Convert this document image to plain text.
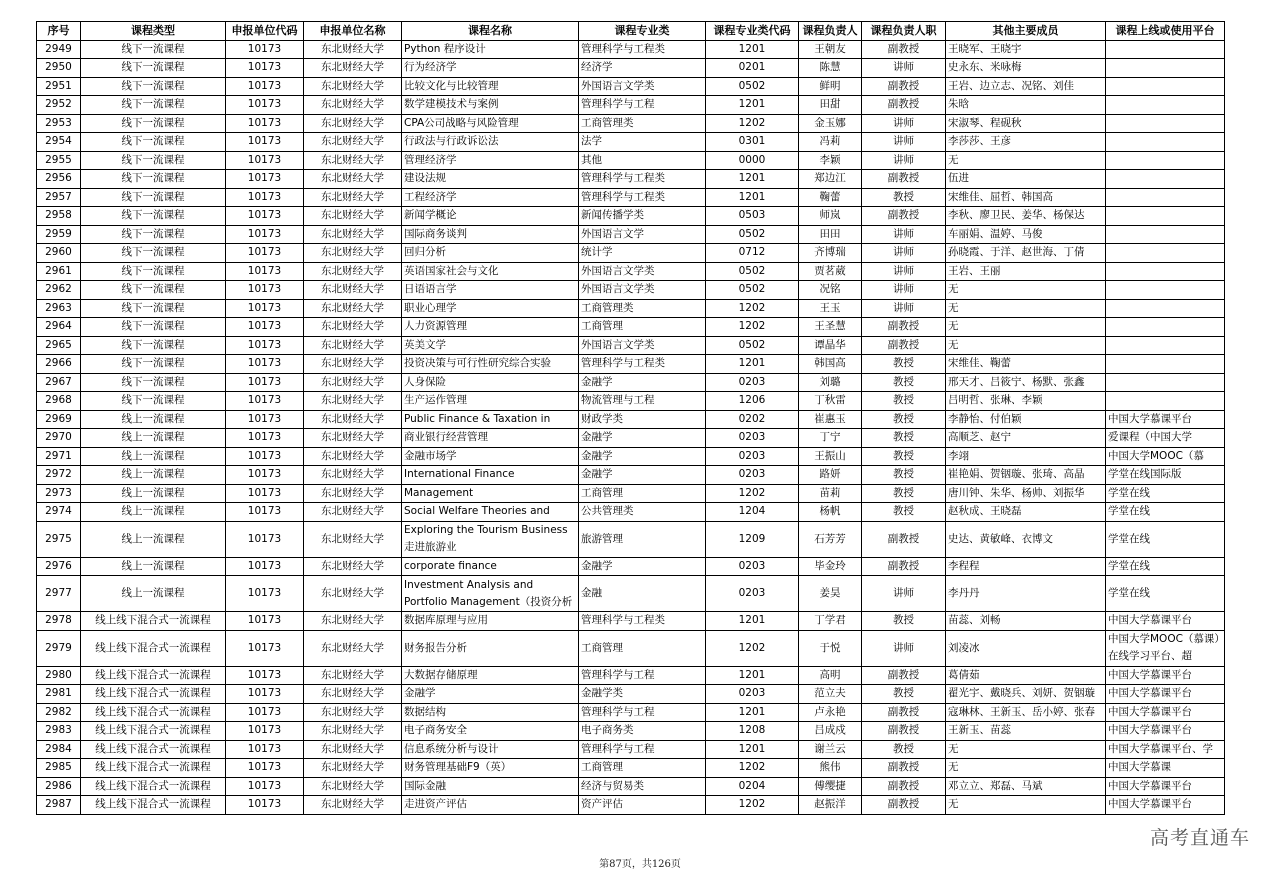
序号	课程类型	申报单位代码	申报单位名称	课程名称	课程专业类	课程专业类代码	课程负责人	课程负责人职	其他主要成员	课程上线或使用平台
2949	线下一流课程	10173	东北财经大学	Python 程序设计	管理科学与工程类	1201	王朝友	副教授	王晓军、王晓宇	
2950	线下一流课程	10173	东北财经大学	行为经济学	经济学	0201	陈慧	讲师	史永东、米咏梅	
2951	线下一流课程	10173	东北财经大学	比较文化与比较管理	外国语言文学类	0502	鲜明	副教授	王岩、边立志、况铭、刘佳	
2952	线下一流课程	10173	东北财经大学	数学建模技术与案例	管理科学与工程	1201	田甜	副教授	朱晗	
2953	线下一流课程	10173	东北财经大学	CPA公司战略与风险管理	工商管理类	1202	金玉娜	讲师	宋淑琴、程砚秋	
2954	线下一流课程	10173	东北财经大学	行政法与行政诉讼法	法学	0301	冯莉	讲师	李莎莎、王彦	
2955	线下一流课程	10173	东北财经大学	管理经济学	其他	0000	李颖	讲师	无	
2956	线下一流课程	10173	东北财经大学	建设法规	管理科学与工程类	1201	郑边江	副教授	伍进	
2957	线下一流课程	10173	东北财经大学	工程经济学	管理科学与工程类	1201	鞠蕾	教授	宋维佳、屈哲、韩国高	
2958	线下一流课程	10173	东北财经大学	新闻学概论	新闻传播学类	0503	师岚	副教授	李秋、廖卫民、姜华、杨保达	
2959	线下一流课程	10173	东北财经大学	国际商务谈判	外国语言文学	0502	田田	讲师	车丽娟、温婷、马俊	
2960	线下一流课程	10173	东北财经大学	回归分析	统计学	0712	齐博瑞	讲师	孙晓霞、于洋、赵世海、丁倩	
2961	线下一流课程	10173	东北财经大学	英语国家社会与文化	外国语言文学类	0502	贾茗葳	讲师	王岩、王丽	
2962	线下一流课程	10173	东北财经大学	日语语言学	外国语言文学类	0502	况铭	讲师	无	
2963	线下一流课程	10173	东北财经大学	职业心理学	工商管理类	1202	王玉	讲师	无	
2964	线下一流课程	10173	东北财经大学	人力资源管理	工商管理	1202	王圣慧	副教授	无	
2965	线下一流课程	10173	东北财经大学	英美文学	外国语言文学类	0502	谭晶华	副教授	无	
2966	线下一流课程	10173	东北财经大学	投资决策与可行性研究综合实验	管理科学与工程类	1201	韩国高	教授	宋维佳、鞠蕾	
2967	线下一流课程	10173	东北财经大学	人身保险	金融学	0203	刘璐	教授	邢天才、吕筱宁、杨默、张鑫	
2968	线下一流课程	10173	东北财经大学	生产运作管理	物流管理与工程	1206	丁秋雷	教授	吕明哲、张琳、李颖	
2969	线上一流课程	10173	东北财经大学	Public Finance & Taxation in	财政学类	0202	崔惠玉	教授	李静怡、付伯颖	中国大学慕课平台
2970	线上一流课程	10173	东北财经大学	商业银行经营管理	金融学	0203	丁宁	教授	高顺芝、赵宁	爱课程（中国大学
2971	线上一流课程	10173	东北财经大学	金融市场学	金融学	0203	王振山	教授	李翊	中国大学MOOC（慕
2972	线上一流课程	10173	东北财经大学	International Finance	金融学	0203	路妍	教授	崔艳娟、贺铟璇、张琦、高晶	学堂在线国际版
2973	线上一流课程	10173	东北财经大学	Management	工商管理	1202	苗莉	教授	唐川钟、朱华、杨帅、刘振华	学堂在线
2974	线上一流课程	10173	东北财经大学	Social Welfare Theories and	公共管理类	1204	杨帆	教授	赵秋成、王晓磊	学堂在线
2975	线上一流课程	10173	东北财经大学	Exploring the Tourism Business 走进旅游业	旅游管理	1209	石芳芳	副教授	史达、黄敏峰、衣博文	学堂在线
2976	线上一流课程	10173	东北财经大学	corporate finance	金融学	0203	毕金玲	副教授	李程程	学堂在线
2977	线上一流课程	10173	东北财经大学	Investment Analysis and Portfolio Management（投资分析	金融	0203	姜昊	讲师	李丹丹	学堂在线
2978	线上线下混合式一流课程	10173	东北财经大学	数据库原理与应用	管理科学与工程类	1201	丁学君	教授	苗蕊、刘畅	中国大学慕课平台
2979	线上线下混合式一流课程	10173	东北财经大学	财务报告分析	工商管理	1202	于悦	讲师	刘凌冰	中国大学MOOC（慕课）在线学习平台、超
2980	线上线下混合式一流课程	10173	东北财经大学	大数据存储原理	管理科学与工程	1201	高明	副教授	葛倩茹	中国大学慕课平台
2981	线上线下混合式一流课程	10173	东北财经大学	金融学	金融学类	0203	范立夫	教授	翟光宇、戴晓兵、刘妍、贺铟璇	中国大学慕课平台
2982	线上线下混合式一流课程	10173	东北财经大学	数据结构	管理科学与工程	1201	卢永艳	副教授	寇琳林、王新玉、岳小婷、张春	中国大学慕课平台
2983	线上线下混合式一流课程	10173	东北财经大学	电子商务安全	电子商务类	1208	吕成戍	副教授	王新玉、苗蕊	中国大学慕课平台
2984	线上线下混合式一流课程	10173	东北财经大学	信息系统分析与设计	管理科学与工程	1201	谢兰云	教授	无	中国大学慕课平台、学
2985	线上线下混合式一流课程	10173	东北财经大学	财务管理基础F9（英）	工商管理	1202	熊伟	副教授	无	中国大学慕课
2986	线上线下混合式一流课程	10173	东北财经大学	国际金融	经济与贸易类	0204	傅缨捷	副教授	邓立立、郑磊、马斌	中国大学慕课平台
2987	线上线下混合式一流课程	10173	东北财经大学	走进资产评估	资产评估	1202	赵振洋	副教授	无	中国大学慕课平台
高考直通车
第87页，共126页
